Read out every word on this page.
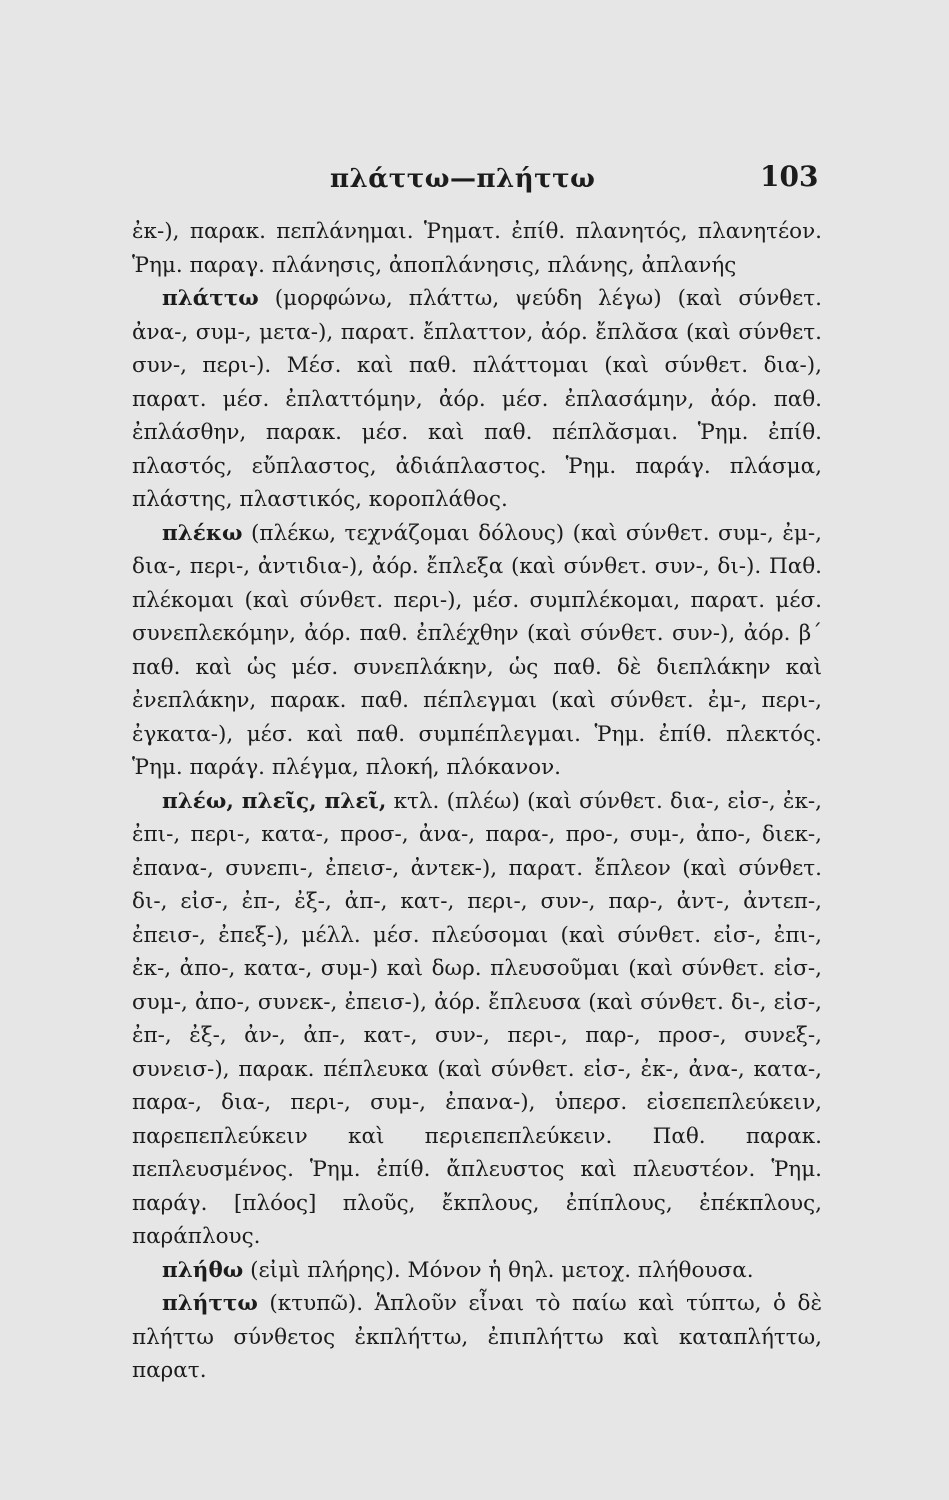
πλάττω—πλήττω	103

ἐκ-), παρακ. πεπλάνημαι. Ῥηματ. ἐπίθ. πλανητός, πλανητέον. Ῥημ. παραγ. πλάνησις, ἀποπλάνησις, πλάνης, ἀπλανής

πλάττω (μορφώνω, πλάττω, ψεύδη λέγω) (καὶ σύνθετ. ἀνα-, συμ-, μετα-), παρατ. ἔπλαττον, ἀόρ. ἔπλᾰσα (καὶ σύνθετ. συν-, περι-). Μέσ. καὶ παθ. πλάττομαι (καὶ σύνθετ. δια-), παρατ. μέσ. ἐπλαττόμην, ἀόρ. μέσ. ἐπλασάμην, ἀόρ. παθ. ἐπλάσθην, παρακ. μέσ. καὶ παθ. πέπλᾰσμαι. Ῥημ. ἐπίθ. πλαστός, εὔπλαστος, ἀδιάπλαστος. Ῥημ. παράγ. πλάσμα, πλάστης, πλαστικός, κοροπλάθος.

πλέκω (πλέκω, τεχνάζομαι δόλους) (καὶ σύνθετ. συμ-, ἐμ-, δια-, περι-, ἀντιδια-), ἀόρ. ἔπλεξα (καὶ σύνθετ. συν-, δι-). Παθ. πλέκομαι (καὶ σύνθετ. περι-), μέσ. συμπλέκομαι, παρατ. μέσ. συνεπλεκόμην, ἀόρ. παθ. ἐπλέχθην (καὶ σύνθετ. συν-), ἀόρ. β´ παθ. καὶ ὡς μέσ. συνεπλάκην, ὡς παθ. δὲ διεπλάκην καὶ ἐνεπλάκην, παρακ. παθ. πέπλεγμαι (καὶ σύνθετ. ἐμ-, περι-, ἐγκατα-), μέσ. καὶ παθ. συμπέπλεγμαι. Ῥημ. ἐπίθ. πλεκτός. Ῥημ. παράγ. πλέγμα, πλοκή, πλόκανον.

πλέω, πλεῖς, πλεῖ, κτλ. (πλέω) (καὶ σύνθετ. δια-, εἰσ-, ἐκ-, ἐπι-, περι-, κατα-, προσ-, ἀνα-, παρα-, προ-, συμ-, ἀπο-, διεκ-, ἐπανα-, συνεπι-, ἐπεισ-, ἀντεκ-), παρατ. ἔπλεον (καὶ σύνθετ. δι-, εἰσ-, ἐπ-, ἐξ-, ἀπ-, κατ-, περι-, συν-, παρ-, ἀντ-, ἀντεπ-, ἐπεισ-, ἐπεξ-), μέλλ. μέσ. πλεύσομαι (καὶ σύνθετ. εἰσ-, ἐπι-, ἐκ-, ἀπο-, κατα-, συμ-) καὶ δωρ. πλευσοῦμαι (καὶ σύνθετ. εἰσ-, συμ-, ἀπο-, συνεκ-, ἐπεισ-), ἀόρ. ἔπλευσα (καὶ σύνθετ. δι-, εἰσ-, ἐπ-, ἐξ-, ἀν-, ἀπ-, κατ-, συν-, περι-, παρ-, προσ-, συνεξ-, συνεισ-), παρακ. πέπλευκα (καὶ σύνθετ. εἰσ-, ἐκ-, ἀνα-, κατα-, παρα-, δια-, περι-, συμ-, ἐπανα-), ὑπερσ. εἰσεπεπλεύκειν, παρεπεπλεύκειν καὶ περιεπεπλεύκειν. Παθ. παρακ. πεπλευσμένος. Ῥημ. ἐπίθ. ἄπλευστος καὶ πλευστέον. Ῥημ. παράγ. [πλόος] πλοῦς, ἔκπλους, ἐπίπλους, ἐπέκπλους, παράπλους.

πλήθω (εἰμὶ πλήρης). Μόνον ἡ θηλ. μετοχ. πλήθουσα.

πλήττω (κτυπῶ). Ἁπλοῦν εἶναι τὸ παίω καὶ τύπτω, ὁ δὲ πλήττω σύνθετος ἐκπλήττω, ἐπιπλήττω καὶ καταπλήττω, παρατ.
